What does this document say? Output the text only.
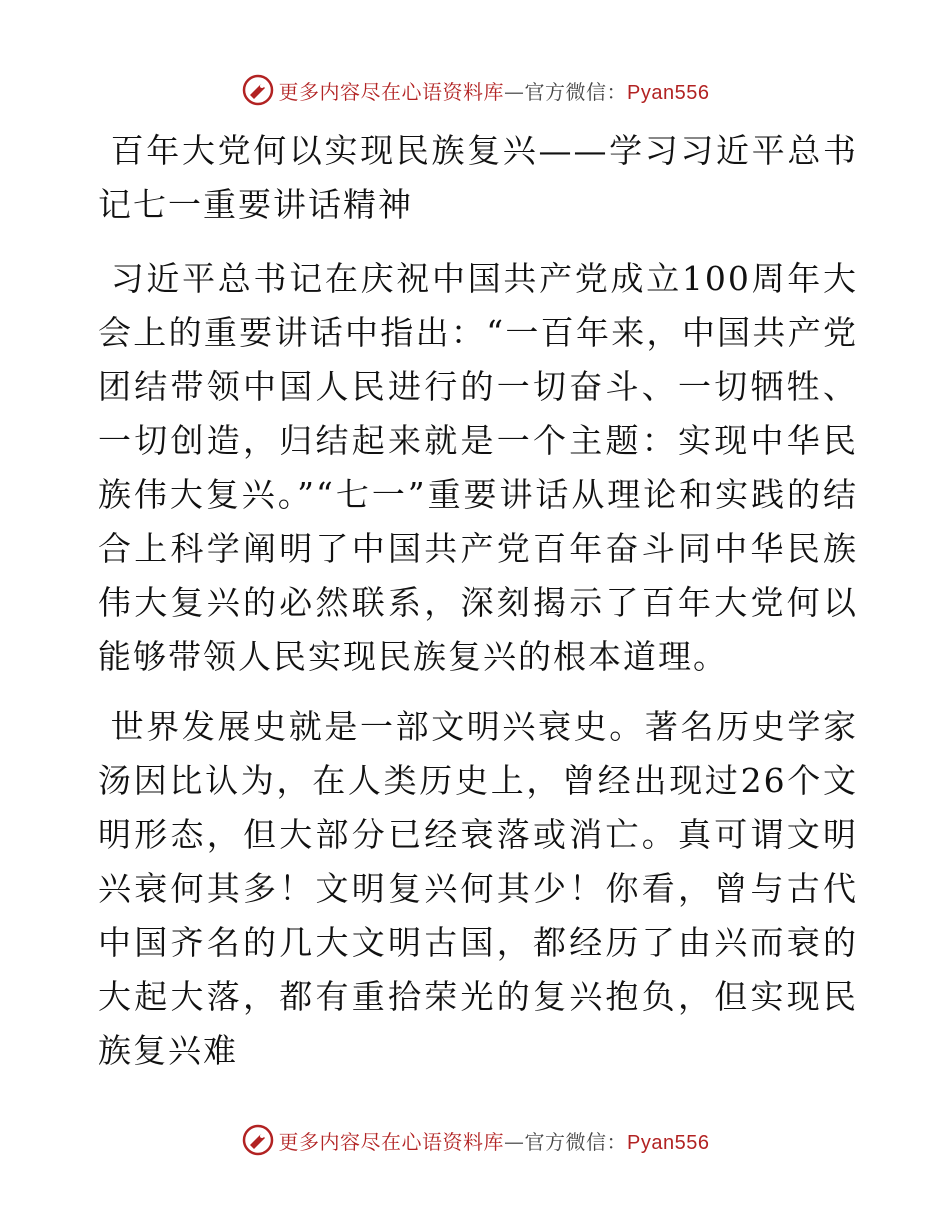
更多内容尽在心语资料库—官方微信：Pyan556

百年大党何以实现民族复兴——学习习近平总书记七一重要讲话精神

习近平总书记在庆祝中国共产党成立100周年大会上的重要讲话中指出：“一百年来，中国共产党团结带领中国人民进行的一切奋斗、一切牺牲、一切创造，归结起来就是一个主题：实现中华民族伟大复兴。”“七一”重要讲话从理论和实践的结合上科学阐明了中国共产党百年奋斗同中华民族伟大复兴的必然联系，深刻揭示了百年大党何以能够带领人民实现民族复兴的根本道理。

世界发展史就是一部文明兴衰史。著名历史学家汤因比认为，在人类历史上，曾经出现过26个文明形态，但大部分已经衰落或消亡。真可谓文明兴衰何其多！文明复兴何其少！你看，曾与古代中国齐名的几大文明古国，都经历了由兴而衰的大起大落，都有重拾荣光的复兴抱负，但实现民族复兴难

更多内容尽在心语资料库—官方微信：Pyan556
